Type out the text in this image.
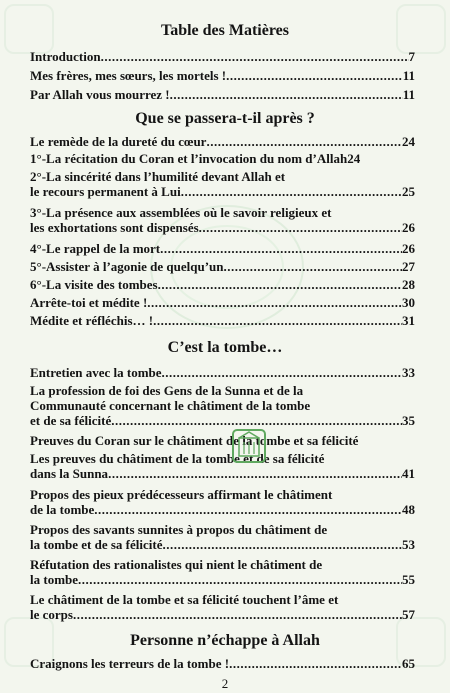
Table des Matières
Introduction .....	7
Mes frères, mes sœurs, les mortels ! .....	11
Par Allah vous mourrez ! .....	11
Que se passera-t-il après ?
Le remède de la dureté du cœur .....	24
1°-La récitation du Coran et l’invocation du nom d’Allah 24
2°-La sincérité dans l’humilité devant Allah et
le recours permanent à Lui .....	25
3°-La présence aux assemblées où le savoir religieux et
les exhortations sont dispensés .....	26
4°-Le rappel de la mort .....	26
5°-Assister à l’agonie de quelqu’un .....	27
6°-La visite des tombes .....	28
Arrête-toi et médite ! .....	30
Médite et réfléchis… ! .....	31
C’est la tombe…
Entretien avec la tombe .....	33
La profession de foi des Gens de la Sunna et de la
Communauté concernant le châtiment de la tombe
et de sa félicité .....	35
Preuves du Coran sur le châtiment de la tombe et sa félicité
Les preuves du châtiment de la tombe et de sa félicité
dans la Sunna .....	41
Propos des pieux prédécesseurs affirmant le châtiment
de la tombe .....	48
Propos des savants sunnites à propos du châtiment de
la tombe et de sa félicité .....	53
Réfutation des rationalistes qui nient le châtiment de
la tombe .....	55
Le châtiment de la tombe et sa félicité touchent l’âme et
le corps .....	57
Personne n’échappe à Allah
Craignons les terreurs de la tombe ! .....	65
2
